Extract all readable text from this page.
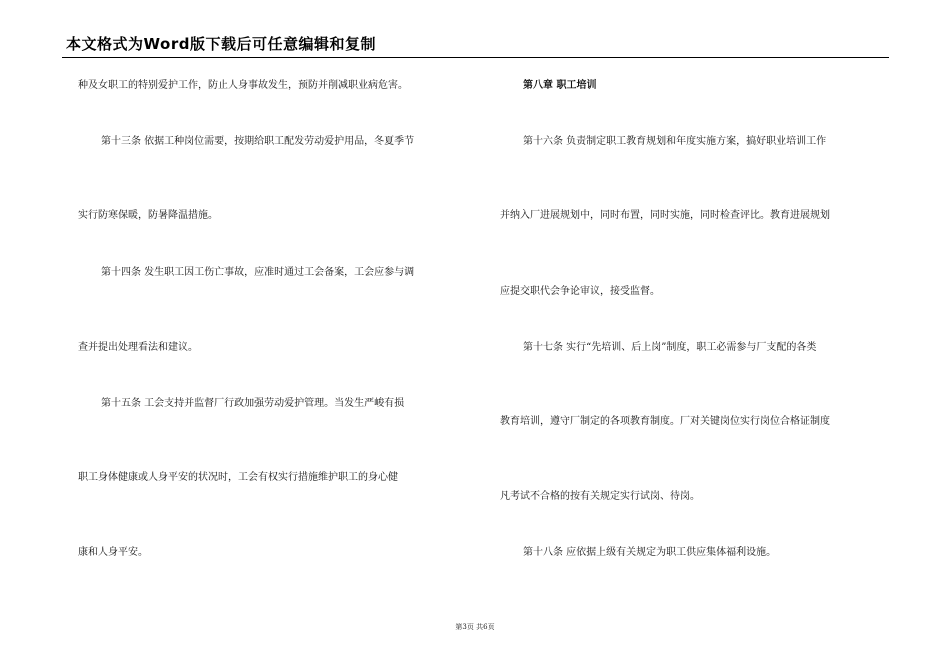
本文格式为Word版下载后可任意编辑和复制
种及女职工的特别爱护工作，防止人身事故发生，预防并削减职业病危害。
第十三条 依据工种岗位需要，按期给职工配发劳动爱护用品，冬夏季节
实行防寒保暖，防暑降温措施。
第十四条 发生职工因工伤亡事故，应准时通过工会备案，工会应参与调
查并提出处理看法和建议。
第十五条 工会支持并监督厂行政加强劳动爱护管理。当发生严峻有损
职工身体健康或人身平安的状况时，工会有权实行措施维护职工的身心健
康和人身平安。
第八章 职工培训
第十六条 负责制定职工教育规划和年度实施方案，搞好职业培训工作
并纳入厂进展规划中，同时布置，同时实施，同时检查评比。教育进展规划
应提交职代会争论审议，接受监督。
第十七条 实行“先培训、后上岗”制度，职工必需参与厂支配的各类
教育培训，遵守厂制定的各项教育制度。厂对关键岗位实行岗位合格证制度
凡考试不合格的按有关规定实行试岗、待岗。
第十八条 应依据上级有关规定为职工供应集体福利设施。
第3页 共6页
